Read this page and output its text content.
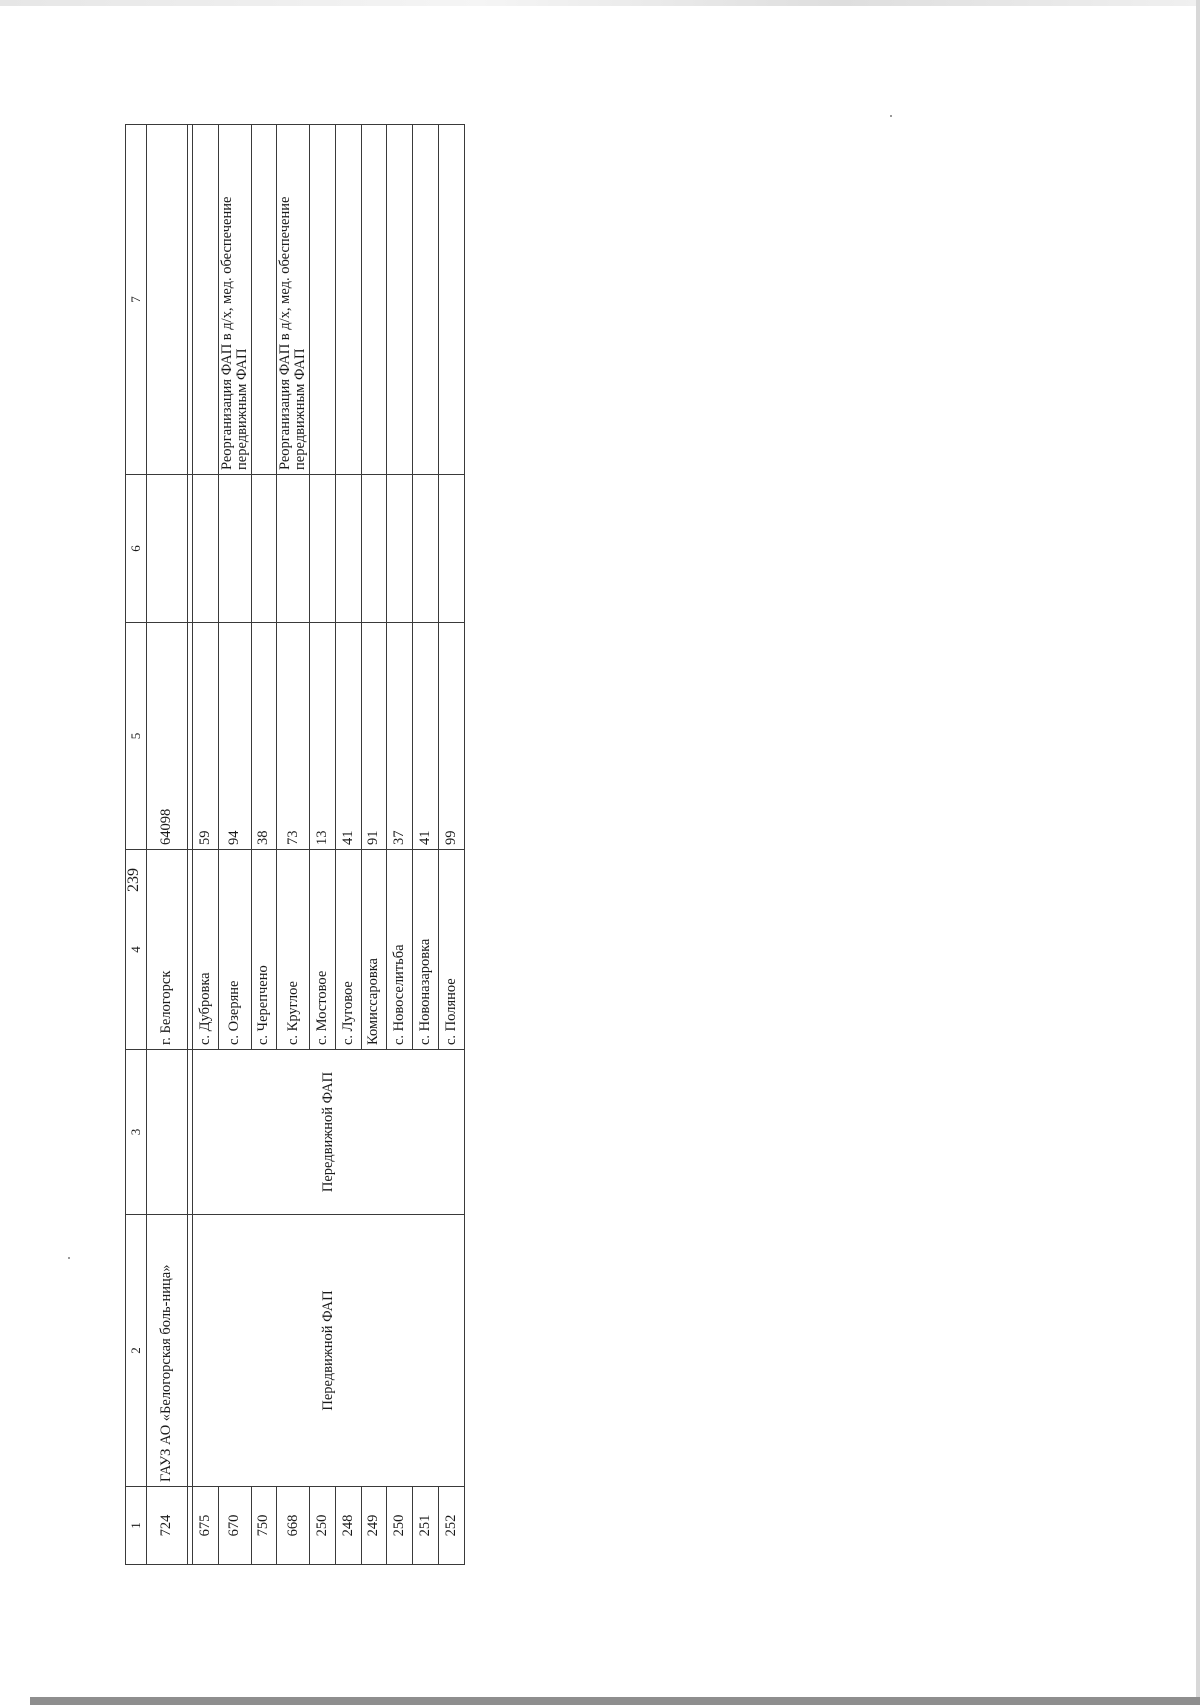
239
1	2	3	4	5	6	7
724	ГАУЗ АО «Белогорская боль-ница»		г. Белогорск	64098		

675	Передвижной ФАП	Передвижной ФАП	с. Дубровка	59		
670			с. Озеряне	94		Реорганизация ФАП в д/х, мед. обеспечение передвижным ФАП
750			с. Черепчено	38		
668			с. Круглое	73		Реорганизация ФАП в д/х, мед. обеспечение передвижным ФАП
250			с. Мостовое	13		
248			с. Луговое	41		
249			Комиссаровка	91		
250			с. Новоселитьба	37		
251			с. Новоназаровка	41		
252			с. Поляное	99		
